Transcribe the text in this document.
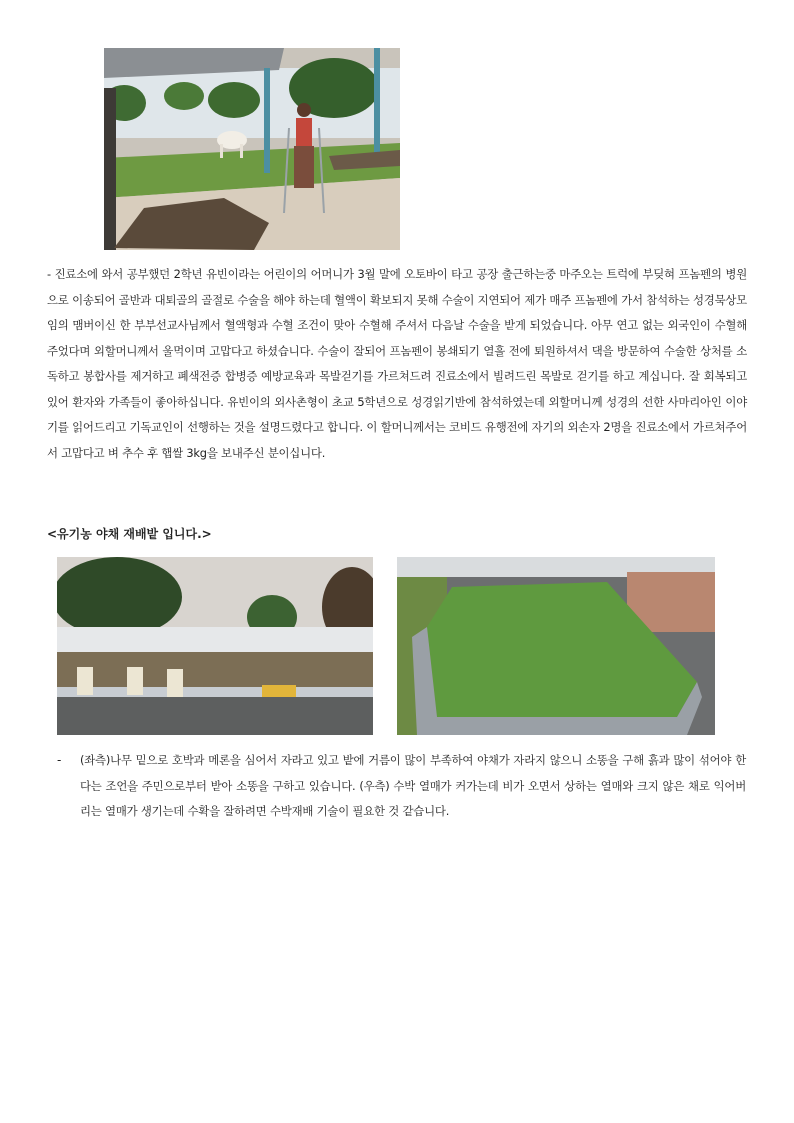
- 진료소에 와서 공부했던 2학년 유빈이라는 어린이의 어머니가 3월 말에 오토바이 타고 공장 출근하는중 마주오는 트럭에 부딪혀 프놈펜의 병원으로 이송되어 골반과 대퇴골의 골절로 수술을 해야 하는데 혈액이 확보되지 못해 수술이 지연되어 제가 매주 프놈펜에 가서 참석하는 성경묵상모임의 맴버이신 한 부부선교사님께서 혈액형과 수혈 조건이 맞아 수혈해 주셔서 다음날 수술을 받게 되었습니다. 아무 연고 없는 외국인이 수혈해 주었다며 외할머니께서 울먹이며 고맙다고 하셨습니다. 수술이 잘되어 프놈펜이 봉쇄되기 열흘 전에 퇴원하셔서 댁을 방문하여 수술한 상처를 소독하고 봉합사를 제거하고 폐색전증 합병증 예방교육과 목발걷기를 가르쳐드려 진료소에서 빌려드린 목발로 걷기를 하고 계십니다. 잘 회복되고 있어 환자와 가족들이 좋아하십니다. 유빈이의 외사촌형이 초교 5학년으로 성경읽기반에 참석하였는데 외할머니께 성경의 선한 사마리아인 이야기를 읽어드리고 기독교인이 선행하는 것을 설명드렸다고 합니다. 이 할머니께서는 코비드 유행전에 자기의 외손자 2명을 진료소에서 가르쳐주어서 고맙다고 벼 추수 후 햅쌀 3kg을 보내주신 분이십니다.

<유기농 야채 재배밭 입니다.>

-	(좌측)나무 밑으로 호박과 메론을 심어서 자라고 있고 밭에 거름이 많이 부족하여 야채가 자라지 않으니 소똥을 구해 흙과 많이 섞어야 한다는 조언을 주민으로부터 받아 소똥을 구하고 있습니다. (우측) 수박 열매가 커가는데 비가 오면서 상하는 열매와 크지 않은 채로 익어버리는 열매가 생기는데 수확을 잘하려면 수박재배 기술이 필요한 것 같습니다.
